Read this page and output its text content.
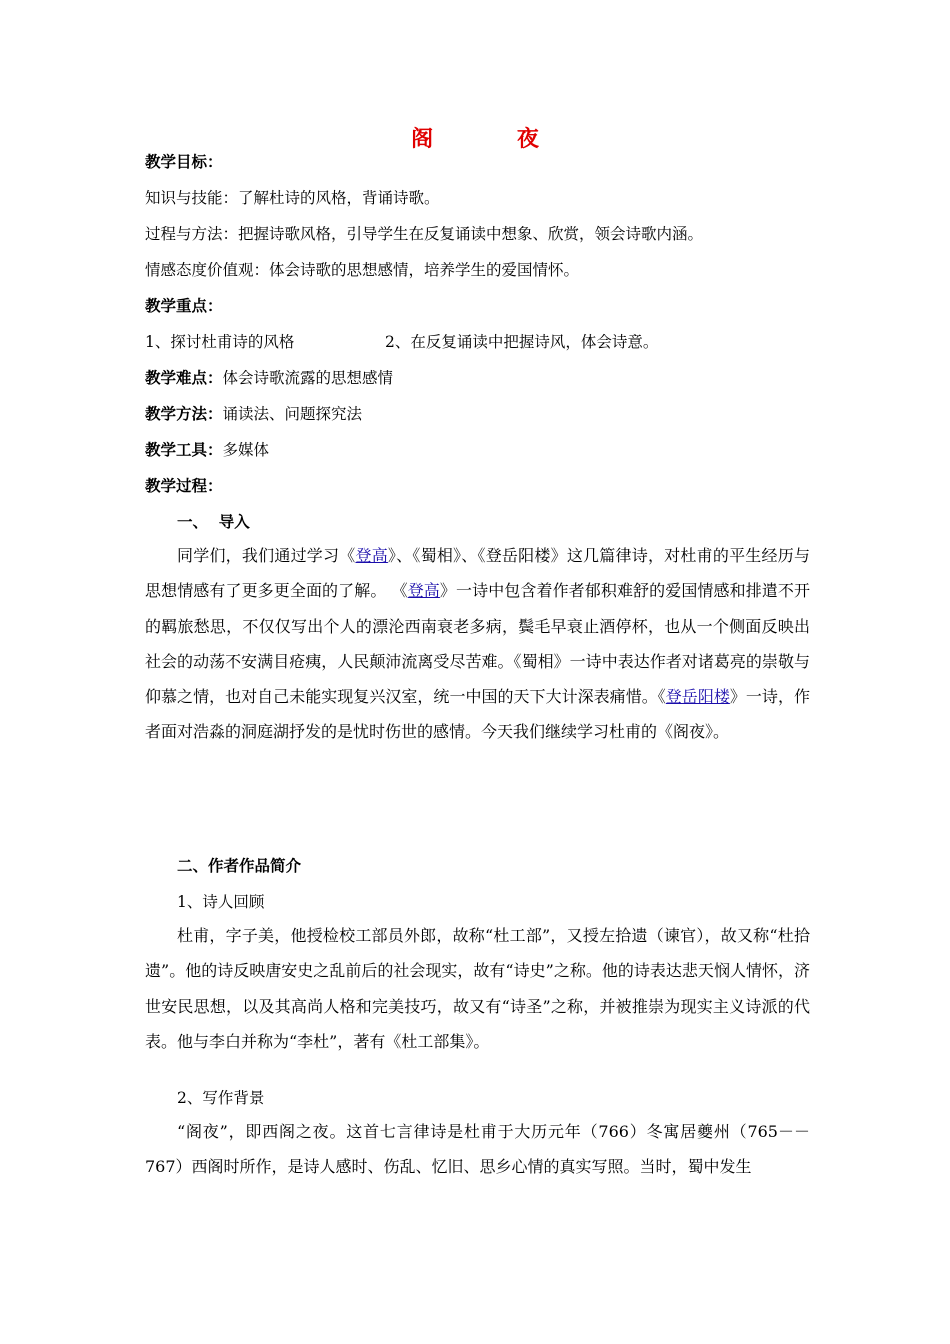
阁 夜
教学目标：
知识与技能：了解杜诗的风格，背诵诗歌。
过程与方法：把握诗歌风格，引导学生在反复诵读中想象、欣赏，领会诗歌内涵。
情感态度价值观：体会诗歌的思想感情，培养学生的爱国情怀。
教学重点：
1、探讨杜甫诗的风格	2、在反复诵读中把握诗风，体会诗意。
教学难点：体会诗歌流露的思想感情
教学方法：诵读法、问题探究法
教学工具：多媒体
教学过程：
一、  导入
同学们，我们通过学习《登高》、《蜀相》、《登岳阳楼》这几篇律诗，对杜甫的平生经历与思想情感有了更多更全面的了解。 《登高》一诗中包含着作者郁积难舒的爱国情感和排遣不开的羁旅愁思，不仅仅写出个人的漂沦西南衰老多病，鬓毛早衰止酒停杯，也从一个侧面反映出社会的动荡不安满目疮痍，人民颠沛流离受尽苦难。《蜀相》一诗中表达作者对诸葛亮的崇敬与仰慕之情，也对自己未能实现复兴汉室，统一中国的天下大计深表痛惜。《登岳阳楼》一诗，作者面对浩淼的洞庭湖抒发的是忧时伤世的感情。今天我们继续学习杜甫的《阁夜》。
二、作者作品简介
1、诗人回顾
杜甫，字子美，他授检校工部员外郎，故称“杜工部”，又授左拾遗（谏官），故又称“杜拾遗”。他的诗反映唐安史之乱前后的社会现实，故有“诗史”之称。他的诗表达悲天悯人情怀，济世安民思想，以及其高尚人格和完美技巧，故又有“诗圣”之称，并被推崇为现实主义诗派的代表。他与李白并称为“李杜”，著有《杜工部集》。
2、写作背景
“阁夜”，即西阁之夜。这首七言律诗是杜甫于大历元年（766）冬寓居夔州（765－－767）西阁时所作，是诗人感时、伤乱、忆旧、思乡心情的真实写照。当时，蜀中发生
